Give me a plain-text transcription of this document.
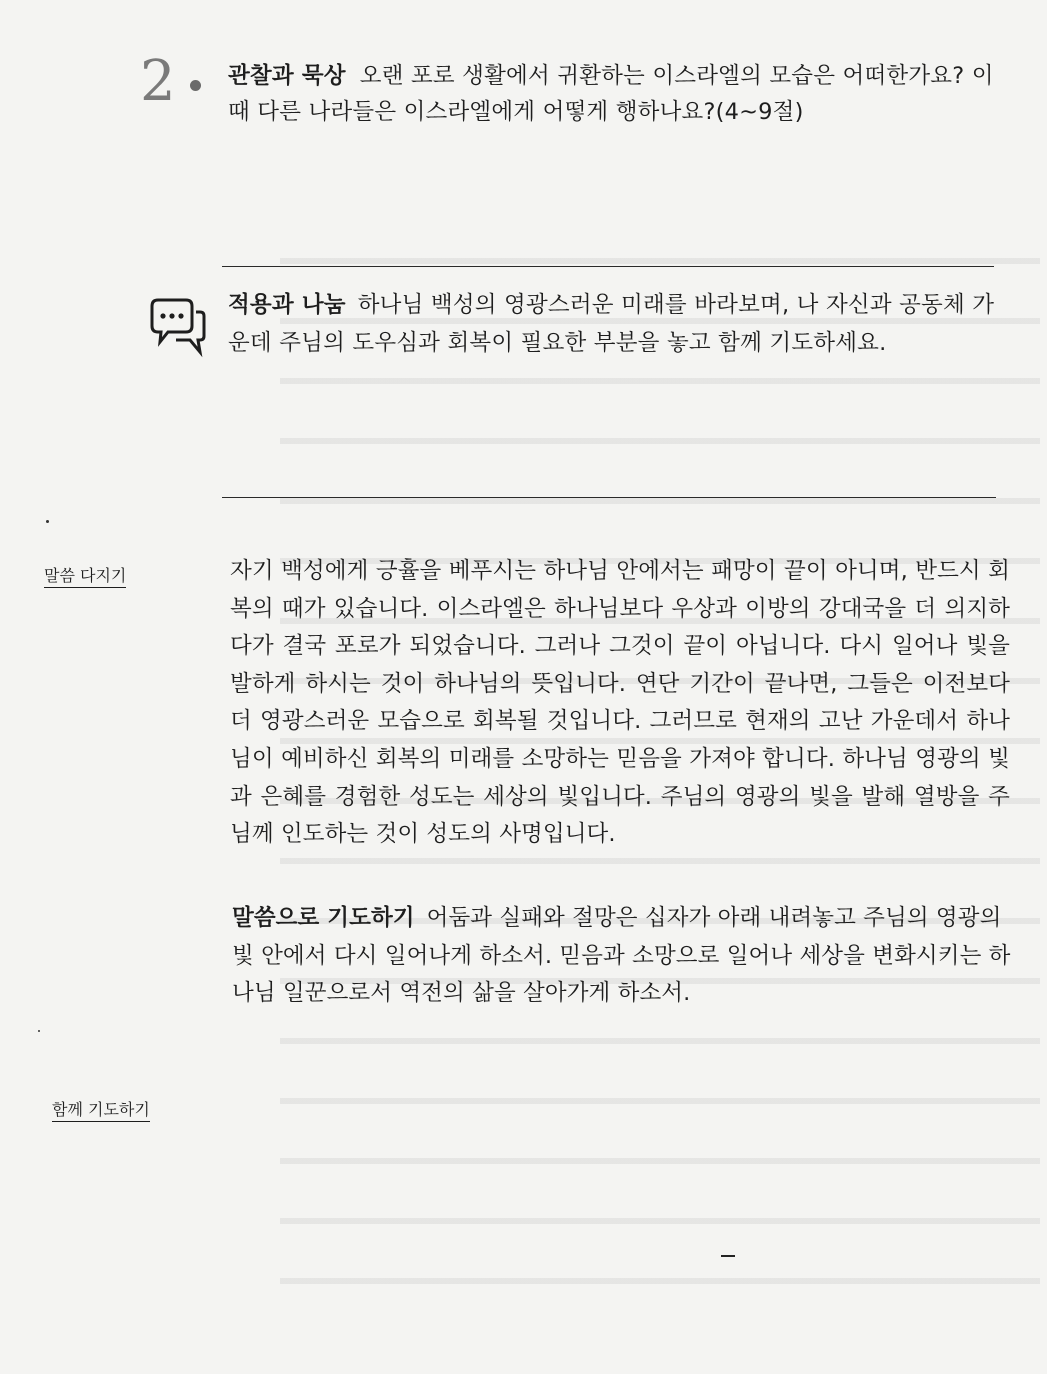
2 관찰과 묵상 오랜 포로 생활에서 귀환하는 이스라엘의 모습은 어떠한가요? 이때 다른 나라들은 이스라엘에게 어떻게 행하나요?(4~9절)
적용과 나눔 하나님 백성의 영광스러운 미래를 바라보며, 나 자신과 공동체 가운데 주님의 도우심과 회복이 필요한 부분을 놓고 함께 기도하세요.
말씀 다지기	자기 백성에게 긍휼을 베푸시는 하나님 안에서는 패망이 끝이 아니며, 반드시 회복의 때가 있습니다. 이스라엘은 하나님보다 우상과 이방의 강대국을 더 의지하다가 결국 포로가 되었습니다. 그러나 그것이 끝이 아닙니다. 다시 일어나 빛을 발하게 하시는 것이 하나님의 뜻입니다. 연단 기간이 끝나면, 그들은 이전보다 더 영광스러운 모습으로 회복될 것입니다. 그러므로 현재의 고난 가운데서 하나님이 예비하신 회복의 미래를 소망하는 믿음을 가져야 합니다. 하나님 영광의 빛과 은혜를 경험한 성도는 세상의 빛입니다. 주님의 영광의 빛을 발해 열방을 주님께 인도하는 것이 성도의 사명입니다.
말씀으로 기도하기 어둠과 실패와 절망은 십자가 아래 내려놓고 주님의 영광의 빛 안에서 다시 일어나게 하소서. 믿음과 소망으로 일어나 세상을 변화시키는 하나님 일꾼으로서 역전의 삶을 살아가게 하소서.
함께 기도하기
